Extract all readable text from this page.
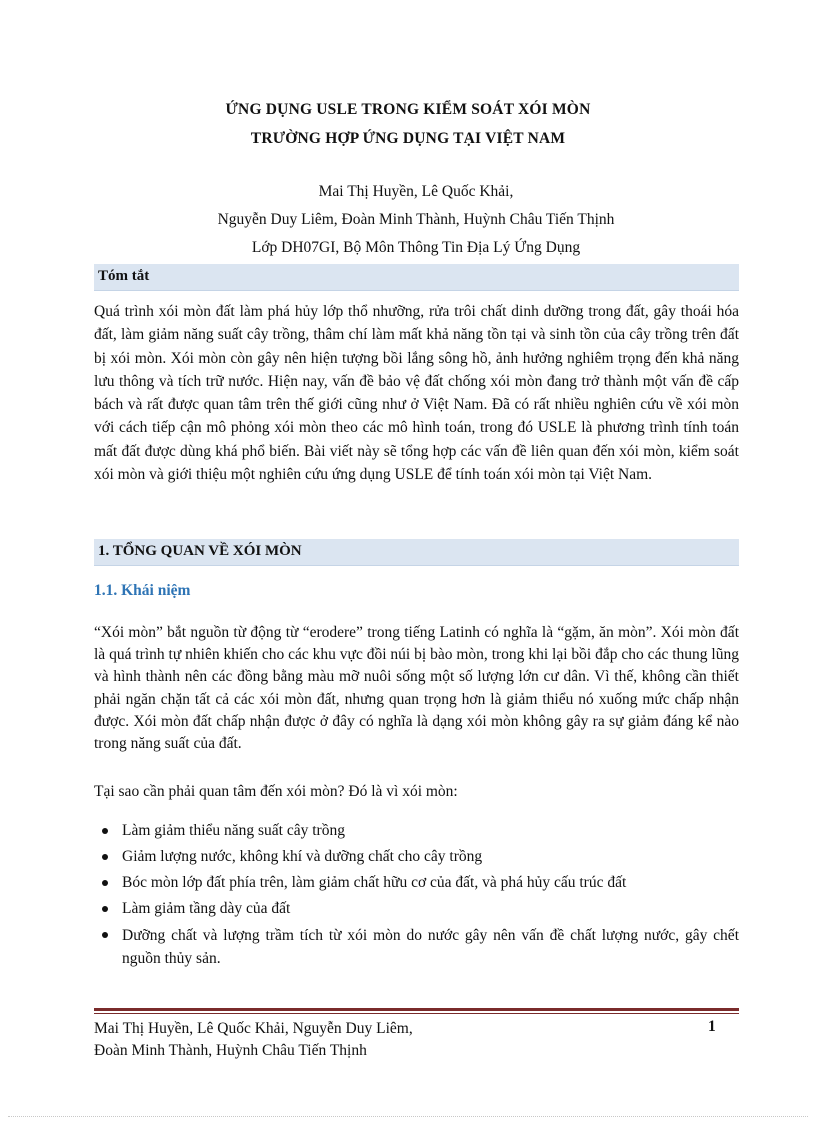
ỨNG DỤNG USLE TRONG KIỂM SOÁT XÓI MÒN
TRƯỜNG HỢP ỨNG DỤNG TẠI VIỆT NAM
Mai Thị Huyền, Lê Quốc Khải,
Nguyễn Duy Liêm, Đoàn Minh Thành, Huỳnh Châu Tiến Thịnh
Lớp DH07GI, Bộ Môn Thông Tin Địa Lý Ứng Dụng
Tóm tắt

Quá trình xói mòn đất làm phá hủy lớp thổ nhưỡng, rửa trôi chất dinh dưỡng trong đất, gây thoái hóa đất, làm giảm năng suất cây trồng, thâm chí làm mất khả năng tồn tại và sinh tồn của cây trồng trên đất bị xói mòn. Xói mòn còn gây nên hiện tượng bồi lắng sông hồ, ảnh hưởng nghiêm trọng đến khả năng lưu thông và tích trữ nước. Hiện nay, vấn đề bảo vệ đất chống xói mòn đang trở thành một vấn đề cấp bách và rất được quan tâm trên thế giới cũng như ở Việt Nam. Đã có rất nhiều nghiên cứu về xói mòn với cách tiếp cận mô phỏng xói mòn theo các mô hình toán, trong đó USLE là phương trình tính toán mất đất được dùng khá phổ biến. Bài viết này sẽ tổng hợp các vấn đề liên quan đến xói mòn, kiểm soát xói mòn và giới thiệu một nghiên cứu ứng dụng USLE để tính toán xói mòn tại Việt Nam.

1. TỔNG QUAN VỀ XÓI MÒN
1.1. Khái niệm

“Xói mòn” bắt nguồn từ động từ “erodere” trong tiếng Latinh có nghĩa là “gặm, ăn mòn”. Xói mòn đất là quá trình tự nhiên khiến cho các khu vực đồi núi bị bào mòn, trong khi lại bồi đắp cho các thung lũng và hình thành nên các đồng bằng màu mỡ nuôi sống một số lượng lớn cư dân. Vì thế, không cần thiết phải ngăn chặn tất cả các xói mòn đất, nhưng quan trọng hơn là giảm thiểu nó xuống mức chấp nhận được. Xói mòn đất chấp nhận được ở đây có nghĩa là dạng xói mòn không gây ra sự giảm đáng kể nào trong năng suất của đất.

Tại sao cần phải quan tâm đến xói mòn? Đó là vì xói mòn:
Làm giảm thiểu năng suất cây trồng
Giảm lượng nước, không khí và dưỡng chất cho cây trồng
Bóc mòn lớp đất phía trên, làm giảm chất hữu cơ của đất, và phá hủy cấu trúc đất
Làm giảm tầng dày của đất
Dưỡng chất và lượng trầm tích từ xói mòn do nước gây nên vấn đề chất lượng nước, gây chết nguồn thủy sản.
Mai Thị Huyền, Lê Quốc Khải, Nguyễn Duy Liêm,
Đoàn Minh Thành, Huỳnh Châu Tiến Thịnh
1
